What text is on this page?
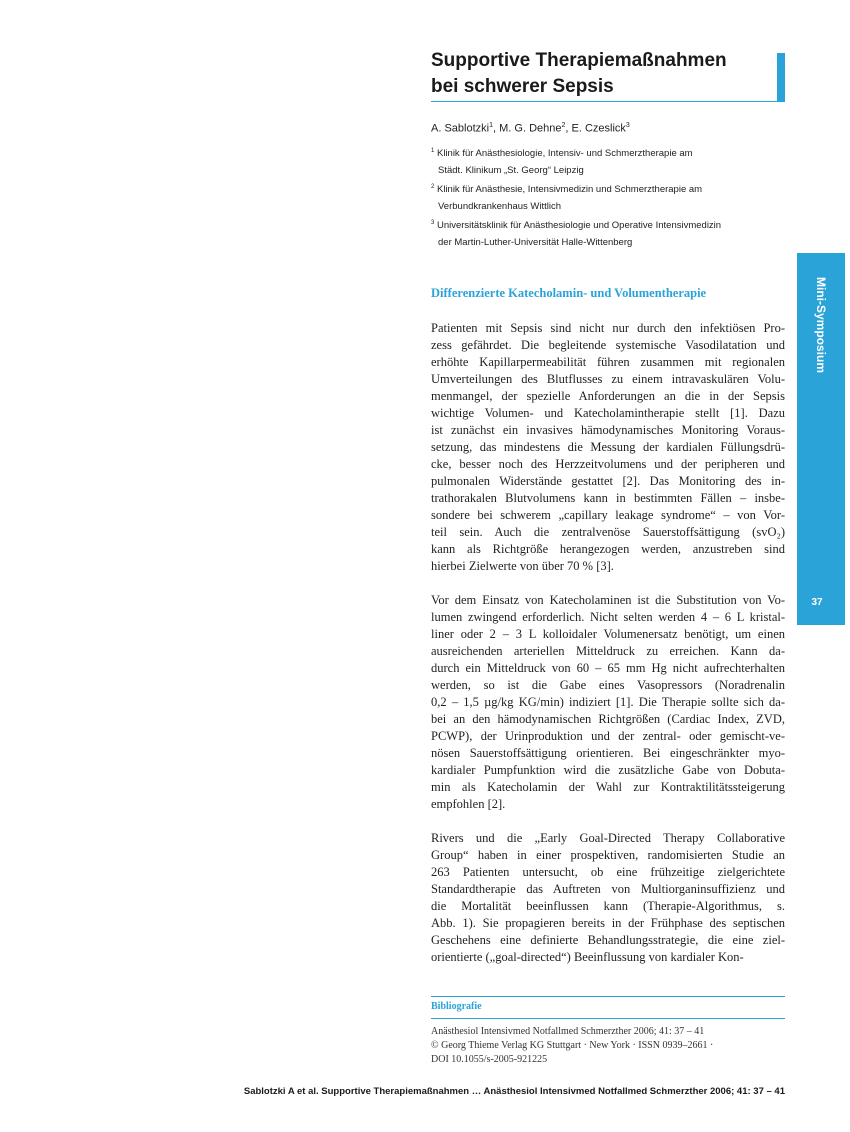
Supportive Therapiemaßnahmen
bei schwerer Sepsis
A. Sablotzki$^1$, M. G. Dehne$^2$, E. Czeslick$^3$
$^1$ Klinik für Anästhesiologie, Intensiv- und Schmerztherapie am
Städt. Klinikum „St. Georg“ Leipzig
$^2$ Klinik für Anästhesie, Intensivmedizin und Schmerztherapie am
Verbundkrankenhaus Wittlich
$^3$ Universitätsklinik für Anästhesiologie und Operative Intensivmedizin
der Martin-Luther-Universität Halle-Wittenberg
Mini-Symposium
37
Differenzierte Katecholamin- und Volumentherapie
Patienten mit Sepsis sind nicht nur durch den infektiösen Pro-
zess gefährdet. Die begleitende systemische Vasodilatation und
erhöhte Kapillarpermeabilität führen zusammen mit regionalen
Umverteilungen des Blutflusses zu einem intravaskulären Volu-
menmangel, der spezielle Anforderungen an die in der Sepsis
wichtige Volumen- und Katecholamintherapie stellt [1]. Dazu
ist zunächst ein invasives hämodynamisches Monitoring Voraus-
setzung, das mindestens die Messung der kardialen Füllungsdrü-
cke, besser noch des Herzzeitvolumens und der peripheren und
pulmonalen Widerstände gestattet [2]. Das Monitoring des in-
trathorakalen Blutvolumens kann in bestimmten Fällen – insbe-
sondere bei schwerem „capillary leakage syndrome“ – von Vor-
teil sein. Auch die zentralvenöse Sauerstoffsättigung (svO₂)
kann als Richtgröße herangezogen werden, anzustreben sind
hierbei Zielwerte von über 70 % [3].
Vor dem Einsatz von Katecholaminen ist die Substitution von Vo-
lumen zwingend erforderlich. Nicht selten werden 4 – 6 L kristal-
liner oder 2 – 3 L kolloidaler Volumenersatz benötigt, um einen
ausreichenden arteriellen Mitteldruck zu erreichen. Kann da-
durch ein Mitteldruck von 60 – 65 mm Hg nicht aufrechterhalten
werden, so ist die Gabe eines Vasopressors (Noradrenalin
0,2 – 1,5 µg/kg KG/min) indiziert [1]. Die Therapie sollte sich da-
bei an den hämodynamischen Richtgrößen (Cardiac Index, ZVD,
PCWP), der Urinproduktion und der zentral- oder gemischt-ve-
nösen Sauerstoffsättigung orientieren. Bei eingeschränkter myo-
kardialer Pumpfunktion wird die zusätzliche Gabe von Dobuta-
min als Katecholamin der Wahl zur Kontraktilitätssteigerung
empfohlen [2].
Rivers und die „Early Goal-Directed Therapy Collaborative
Group“ haben in einer prospektiven, randomisierten Studie an
263 Patienten untersucht, ob eine frühzeitige zielgerichtete
Standardtherapie das Auftreten von Multiorganinsuffizienz und
die Mortalität beeinflussen kann (Therapie-Algorithmus, s.
Abb. 1). Sie propagieren bereits in der Frühphase des septischen
Geschehens eine definierte Behandlungsstrategie, die eine ziel-
orientierte („goal-directed“) Beeinflussung von kardialer Kon-
Bibliografie
Anästhesiol Intensivmed Notfallmed Schmerzther 2006; 41: 37 – 41
© Georg Thieme Verlag KG Stuttgart · New York · ISSN 0939–2661 ·
DOI 10.1055/s-2005-921225
Sablotzki A et al. Supportive Therapiemaßnahmen … Anästhesiol Intensivmed Notfallmed Schmerzther 2006; 41: 37 – 41
